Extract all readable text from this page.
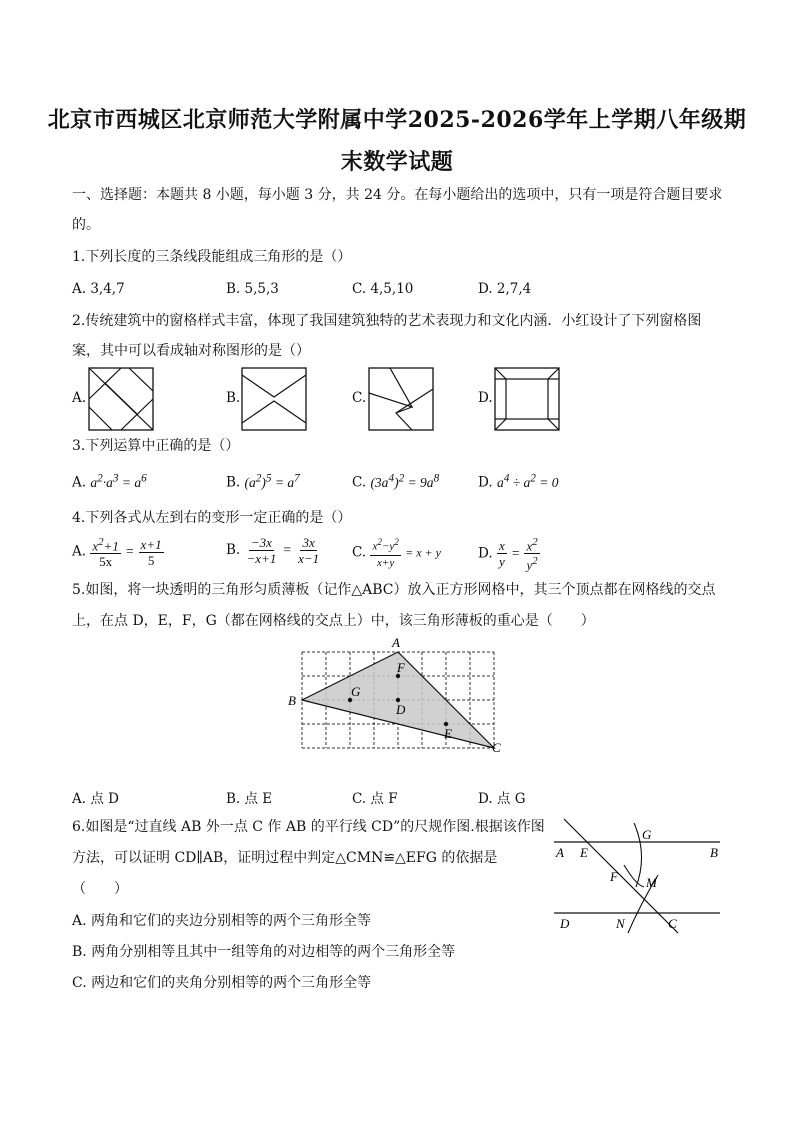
北京市西城区北京师范大学附属中学2025-2026学年上学期八年级期
末数学试题
一、选择题：本题共 8 小题，每小题 3 分，共 24 分。在每小题给出的选项中，只有一项是符合题目要求
的。
1.下列长度的三条线段能组成三角形的是（）
A. 3,4,7	B. 5,5,3	C. 4,5,10	D. 2,7,4
2.传统建筑中的窗格样式丰富，体现了我国建筑独特的艺术表现力和文化内涵．小红设计了下列窗格图
案，其中可以看成轴对称图形的是（）
A.	B.	C.	D.
3.下列运算中正确的是（）
A. $a^2\cdot a^3 = a^6$	B. $(a^2)^5 = a^7$	C. $(3a^4)^2 = 9a^8$	D. $a^4 \div a^2 = 0$
4.下列各式从左到右的变形一定正确的是（）
A. $\frac{x^2+1}{5x} = \frac{x+1}{5}$	B. $\frac{-3x}{-x+1} = \frac{3x}{x-1} C$. $\frac{x^2-y^2}{x+y} = x + y$	D. $\frac{x}{y} = \frac{x^2}{y^2}$
5.如图，将一块透明的三角形匀质薄板（记作△ABC）放入正方形网格中，其三个顶点都在网格线的交点
上，在点 D，E，F，G（都在网格线的交点上）中，该三角形薄板的重心是（　　）
A
B
C
D
E
F
G
A. 点 D	B. 点 E	C. 点 F	D. 点 G
6.如图是“过直线 AB 外一点 C 作 AB 的平行线 CD”的尺规作图.根据该作图
方法，可以证明 CD∥AB，证明过程中判定△CMN≌△EFG 的依据是
（　　）
A. 两角和它们的夹边分别相等的两个三角形全等
B. 两角分别相等且其中一组等角的对边相等的两个三角形全等
C. 两边和它们的夹角分别相等的两个三角形全等
A E	B
G
F M
D	N	C
